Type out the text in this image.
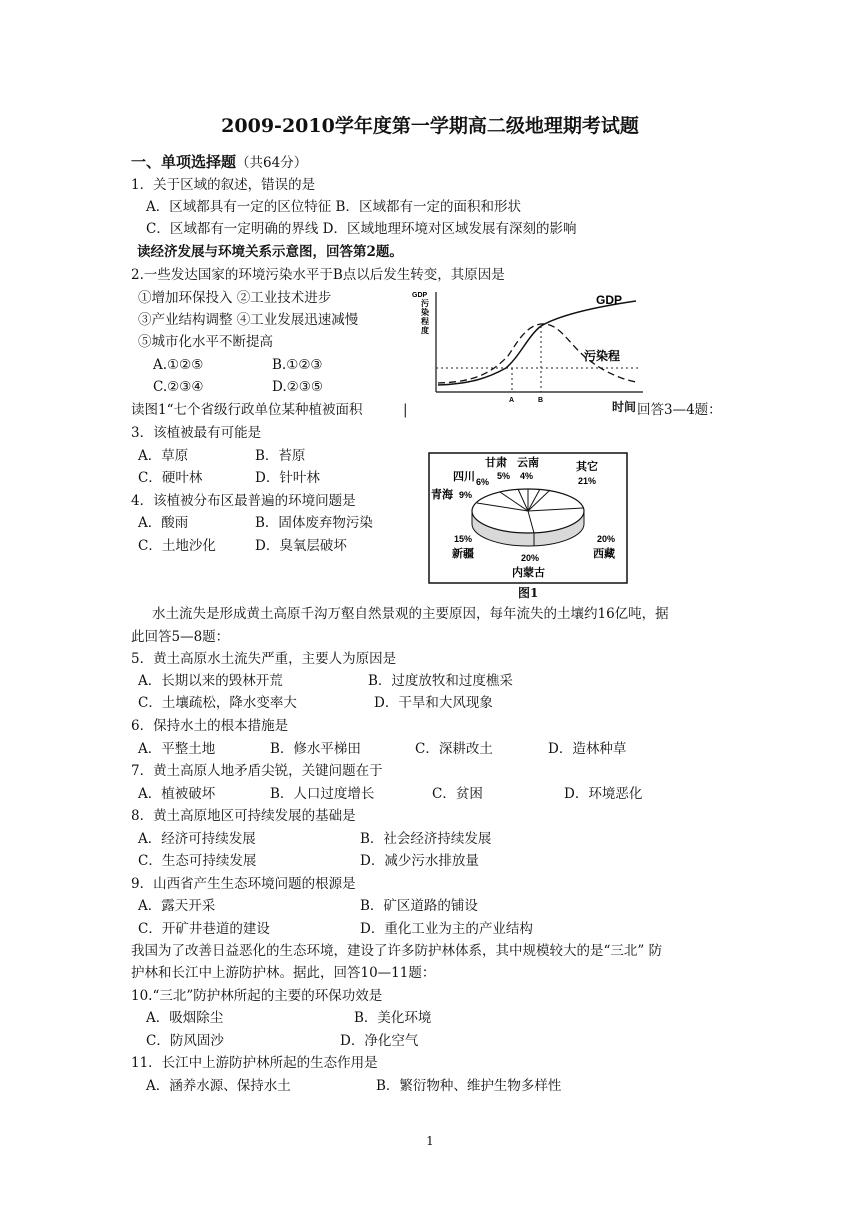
2009-2010学年度第一学期高二级地理期考试题
一、单项选择题（共64分）
1．关于区域的叙述，错误的是
A．区域都具有一定的区位特征 B．区域都有一定的面积和形状
C．区域都有一定明确的界线 D．区域地理环境对区域发展有深刻的影响
读经济发展与环境关系示意图，回答第2题。
2.一些发达国家的环境污染水平于B点以后发生转变，其原因是
①增加环保投入 ②工业技术进步
③产业结构调整 ④工业发展迅速减慢
⑤城市化水平不断提高
A.①②⑤	B.①②③
C.②③④	D.②③⑤
GDP
污
染
程
度
GDP
污染程
A	B
读图1“七个省级行政单位某种植被面积	|	时间 回答3—4题：
3．该植被最有可能是
A．草原	B．苔原
C．硬叶林	D．针叶林
4．该植被分布区最普遍的环境问题是
A．酸雨	B．固体废弃物污染
C．土地沙化	D．臭氧层破坏
甘肃 云南	其它
四川 6%
5% 4%	21%
青海 9%
15%
新疆
20%
西藏
20%
内蒙古
图1
水土流失是形成黄土高原千沟万壑自然景观的主要原因，每年流失的土壤约16亿吨，据
此回答5—8题：
5．黄土高原水土流失严重，主要人为原因是
A．长期以来的毁林开荒	B．过度放牧和过度樵采
C．土壤疏松，降水变率大	D．干旱和大风现象
6．保持水土的根本措施是
A．平整土地	B．修水平梯田	C．深耕改土	D．造林种草
7．黄土高原人地矛盾尖锐，关键问题在于
A．植被破坏	B．人口过度增长	C．贫困	D．环境恶化
8．黄土高原地区可持续发展的基础是
A．经济可持续发展	B．社会经济持续发展
C．生态可持续发展	D．减少污水排放量
9．山西省产生生态环境问题的根源是
A．露天开采	B．矿区道路的铺设
C．开矿井巷道的建设	D．重化工业为主的产业结构
我国为了改善日益恶化的生态环境，建设了许多防护林体系，其中规模较大的是“三北” 防
护林和长江中上游防护林。据此，回答10—11题：
10.“三北”防护林所起的主要的环保功效是
A．吸烟除尘	B．美化环境
C．防风固沙	D．净化空气
11．长江中上游防护林所起的生态作用是
A．涵养水源、保持水土	B．繁衍物种、维护生物多样性
1
